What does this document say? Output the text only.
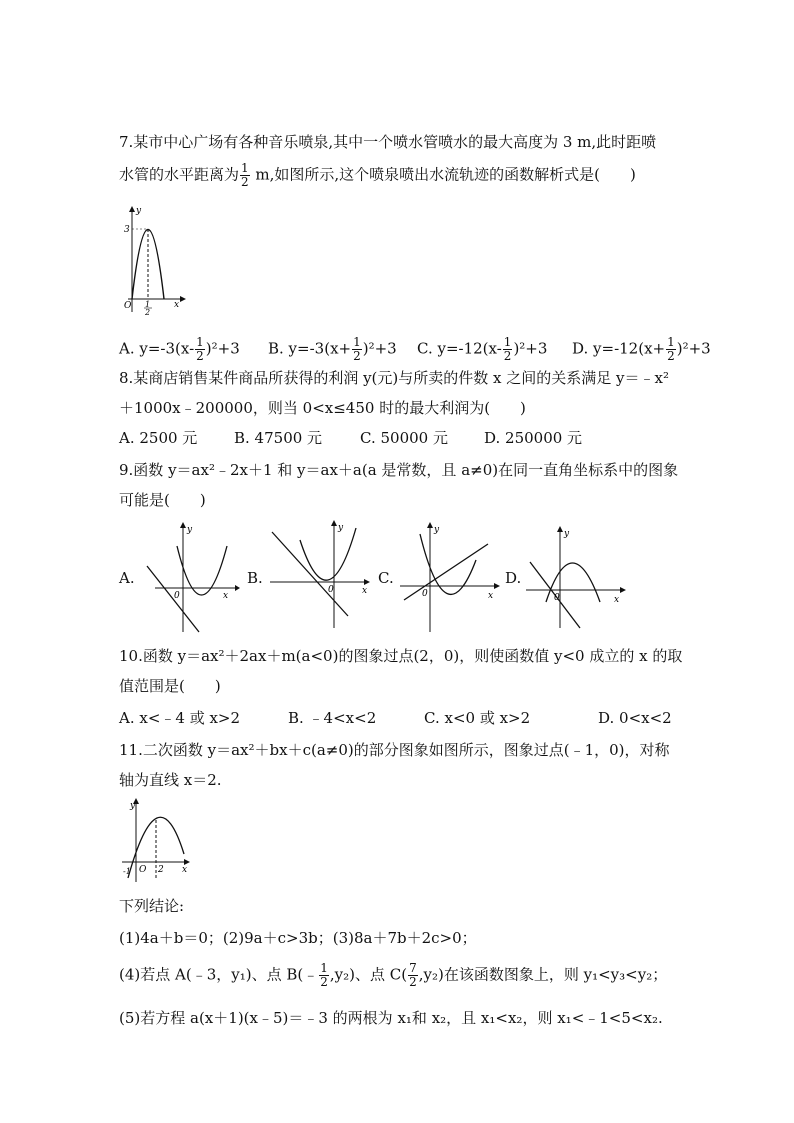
7.某市中心广场有各种音乐喷泉,其中一个喷水管喷水的最大高度为 3 m,此时距喷
水管的水平距离为 $\frac{1}{2} m$,如图所示,这个喷泉喷出水流轨迹的函数解析式是(　　)
y
x
O
3
1
2
A. $y=-3(x- \frac{1}{2} )^2+3$ B. $y=-3(x+ \frac{1}{2} )^2+3$ C. $y=-12(x- \frac{1}{2} )^2+3$ D. $y=-12(x+ \frac{1}{2} )^2+3$
8.某商店销售某件商品所获得的利润 y(元)与所卖的件数 x 之间的关系满足 y＝﹣x²
＋1000x﹣200000，则当 0<x≤450 时的最大利润为(　　)
A. 2500 元 B. 47500 元	C. 50000 元 D. 250000 元
9.函数 y＝ax²﹣2x＋1 和 y＝ax＋a(a 是常数，且 a≠0)在同一直角坐标系中的图象
可能是(　　)
A.
y
x
0
B.
y
x
0
C.
y
x
0
D.
y
x
0
10.函数 y＝ax²＋2ax＋m(a<0)的图象过点(2，0)，则使函数值 y<0 成立的 x 的取
值范围是(　　)
A. x<﹣4 或 x>2	B. ﹣4<x<2	C. x<0 或 x>2	D. 0<x<2
11.二次函数 y＝ax²＋bx＋c(a≠0)的部分图象如图所示，图象过点(﹣1，0)，对称
轴为直线 x＝2.
y
x
O
-1	2
下列结论:
(1)4a＋b＝0；(2)9a＋c>3b；(3)8a＋7b＋2c>0；
(4)若点 A(﹣3，y₁)、点 B(﹣ $\frac{1}{2} ,y_2$)、点 $C( \frac{7}{2} ,y_2)$在该函数图象上，则 y₁<y₃<y₂；
(5)若方程 a(x＋1)(x﹣5)＝﹣3 的两根为 x₁和 x₂，且 x₁<x₂，则 x₁<﹣1<5<x₂.
